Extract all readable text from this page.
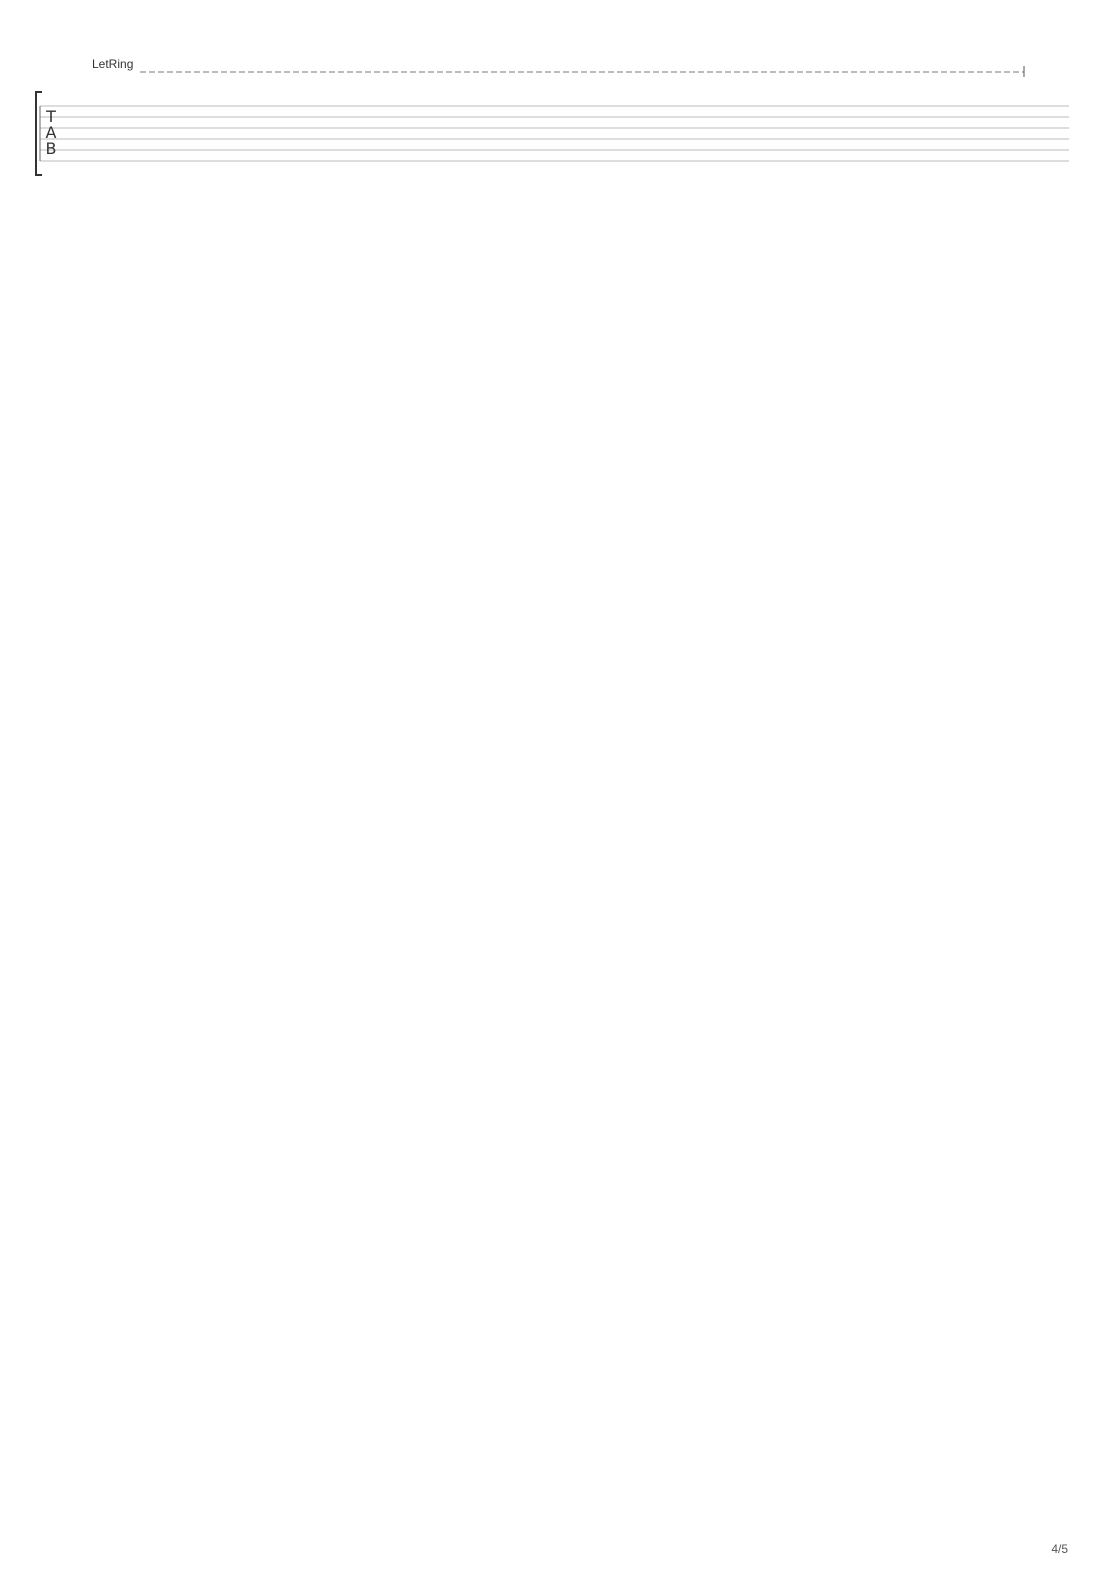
LetRing
T
A
B
4/5
